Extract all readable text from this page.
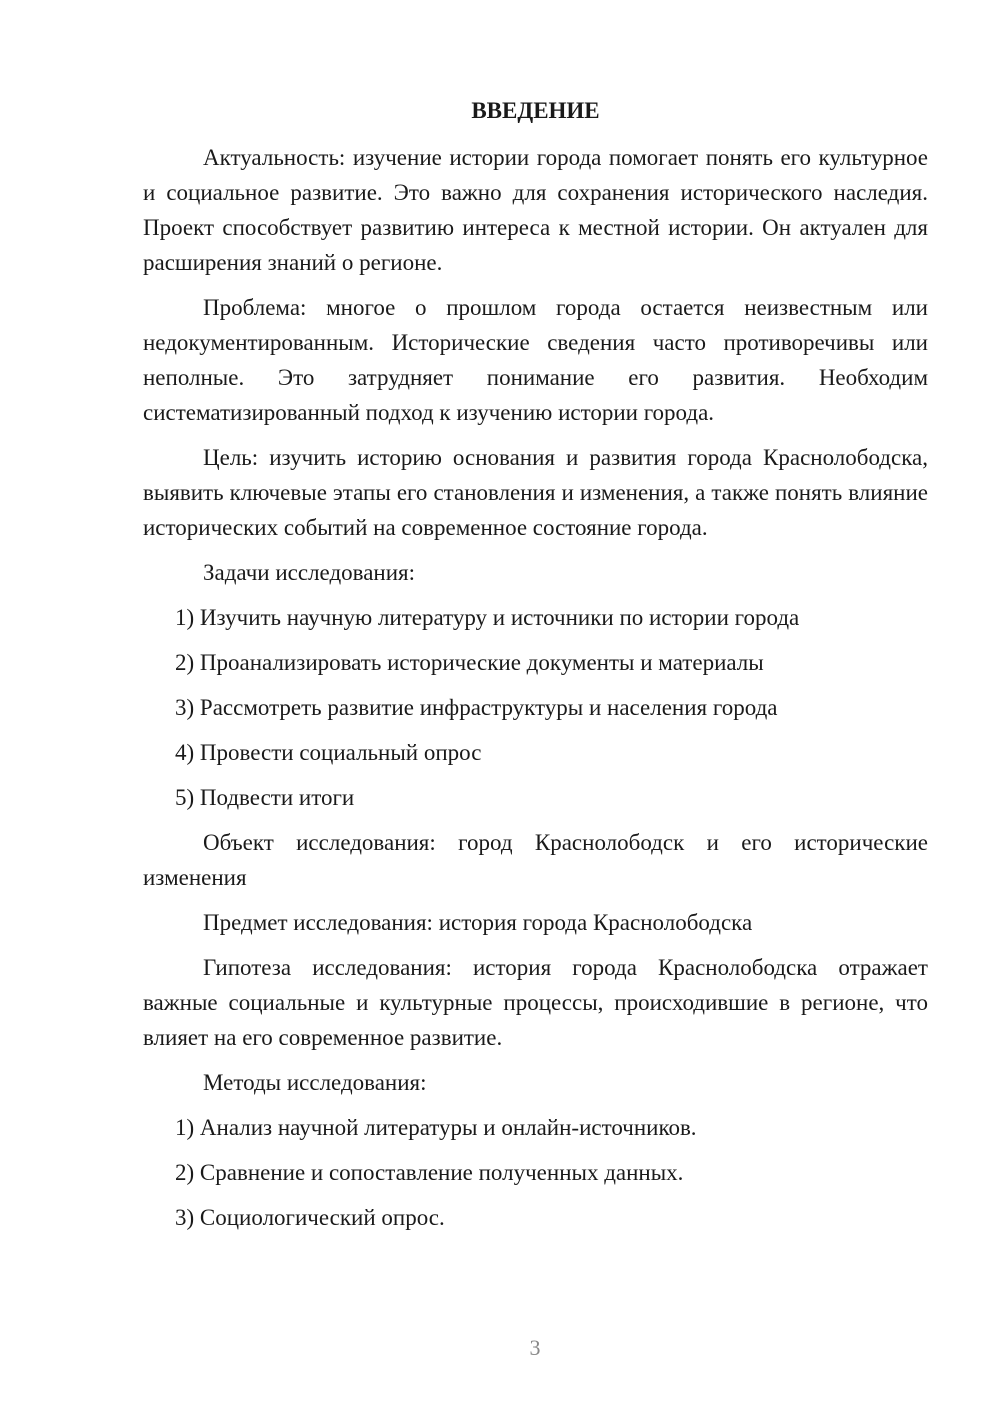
ВВЕДЕНИЕ

Актуальность: изучение истории города помогает понять его культурное и социальное развитие. Это важно для сохранения исторического наследия. Проект способствует развитию интереса к местной истории. Он актуален для расширения знаний о регионе.

Проблема: многое о прошлом города остается неизвестным или недокументированным. Исторические сведения часто противоречивы или неполные. Это затрудняет понимание его развития. Необходим систематизированный подход к изучению истории города.

Цель: изучить историю основания и развития города Краснолободска, выявить ключевые этапы его становления и изменения, а также понять влияние исторических событий на современное состояние города.

Задачи исследования:

1) Изучить научную литературу и источники по истории города
2) Проанализировать исторические документы и материалы
3) Рассмотреть развитие инфраструктуры и населения города
4) Провести социальный опрос
5) Подвести итоги

Объект исследования: город Краснолободск и его исторические изменения

Предмет исследования: история города Краснолободска

Гипотеза исследования: история города Краснолободска отражает важные социальные и культурные процессы, происходившие в регионе, что влияет на его современное развитие.

Методы исследования:

1) Анализ научной литературы и онлайн-источников.
2) Сравнение и сопоставление полученных данных.
3) Социологический опрос.
3
